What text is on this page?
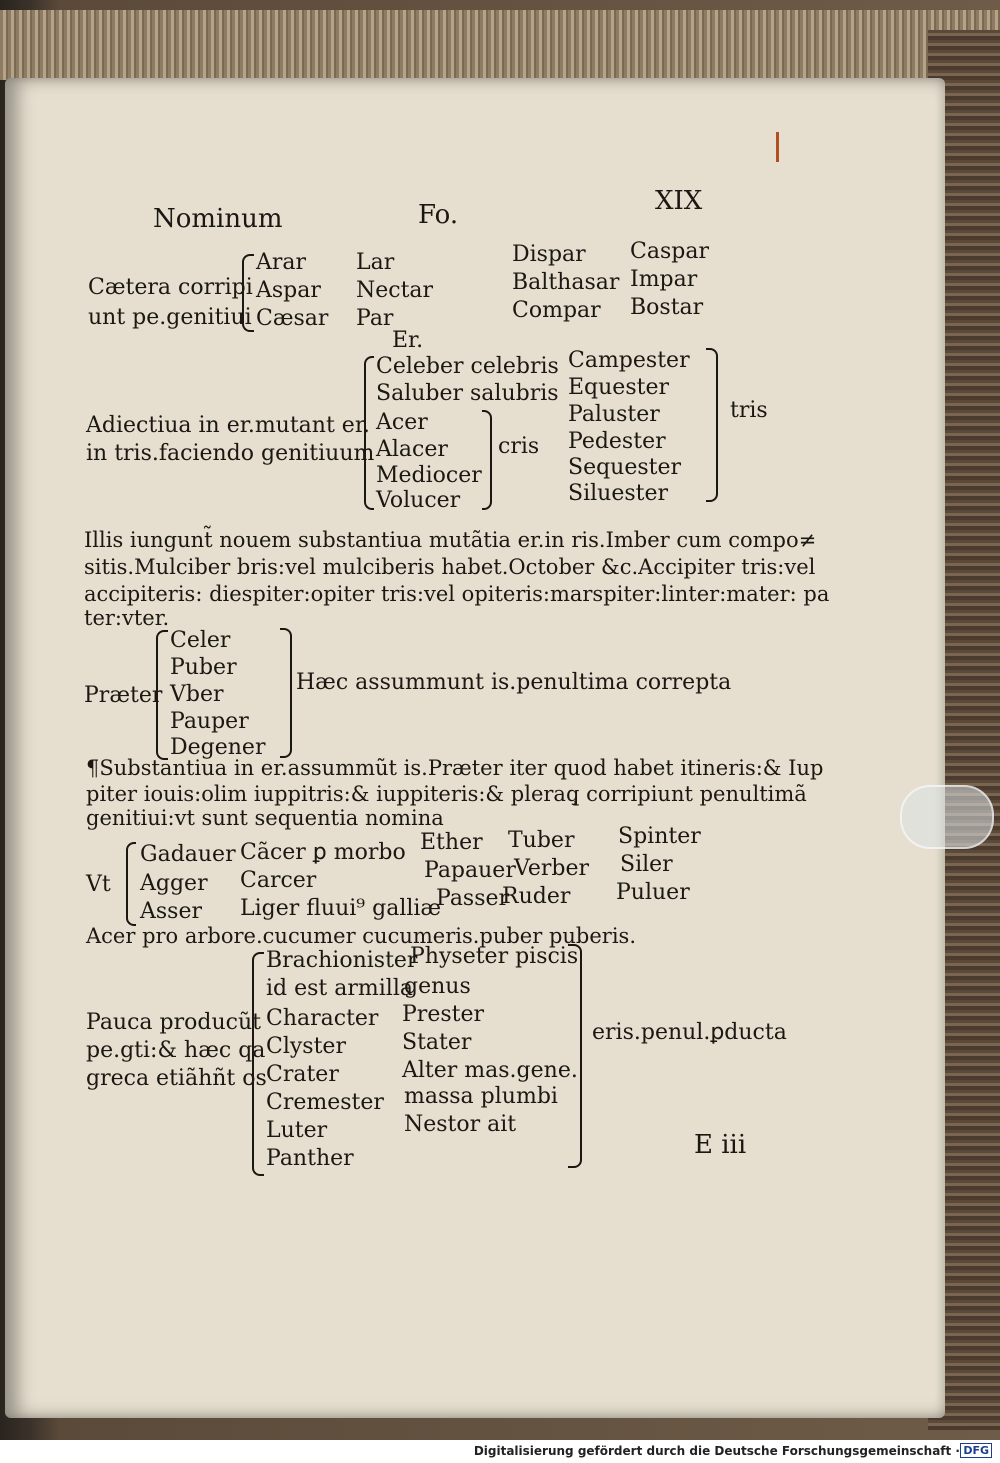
Nominum	Fo.	XIX
Cætera corripi
unt pe.genitiui
Arar
Aspar
Cæsar
Lar
Nectar
Par
Dispar
Balthasar
Compar
Caspar
Impar
Bostar
Er.
Adiectiua in er.mutant er.
in tris.faciendo genitiuum
Celeber celebris
Saluber salubris
Acer
Alacer
Mediocer
Volucer
cris
Campester
Equester
Paluster
Pedester
Sequester
Siluester
tris
Illis iungunt̃ nouem substantiua mutãtia er.in ris.Imber cum compo≠
sitis.Mulciber bris:vel mulciberis habet.October &c.Accipiter tris:vel
accipiteris: diespiter:opiter tris:vel opiteris:marspiter:linter:mater: pa
ter:vter.
Præter
Celer
Puber
Vber
Pauper
Degener
Hæc assummunt is.penultima correpta
¶Substantiua in er.assummũt is.Præter iter quod habet itineris:& Iup
piter iouis:olim iuppitris:& iuppiteris:& pleraq̧ corripiunt penultimã
genitiui:vt sunt sequentia nomina
Vt
Gadauer
Agger
Asser
Cãcer ꝑ morbo
Carcer
Liger fluui⁹ galliæ
Ether
Papauer
Passer
Tuber
Verber
Ruder
Spinter
Siler
Puluer
Acer pro arbore.cucumer cucumeris.puber puberis.
Pauca producũt
pe.gti:& hæc qa
greca etiãhñt os
Brachionister
id est armilla
Character
Clyster
Crater
Cremester
Luter
Panther
Physeter piscis
genus
Prester
Stater
Alter mas.gene.
massa plumbi
Nestor ait
eris.penul.ꝑducta
E iii
Digitalisierung gefördert durch die Deutsche Forschungsgemeinschaft · DFG
